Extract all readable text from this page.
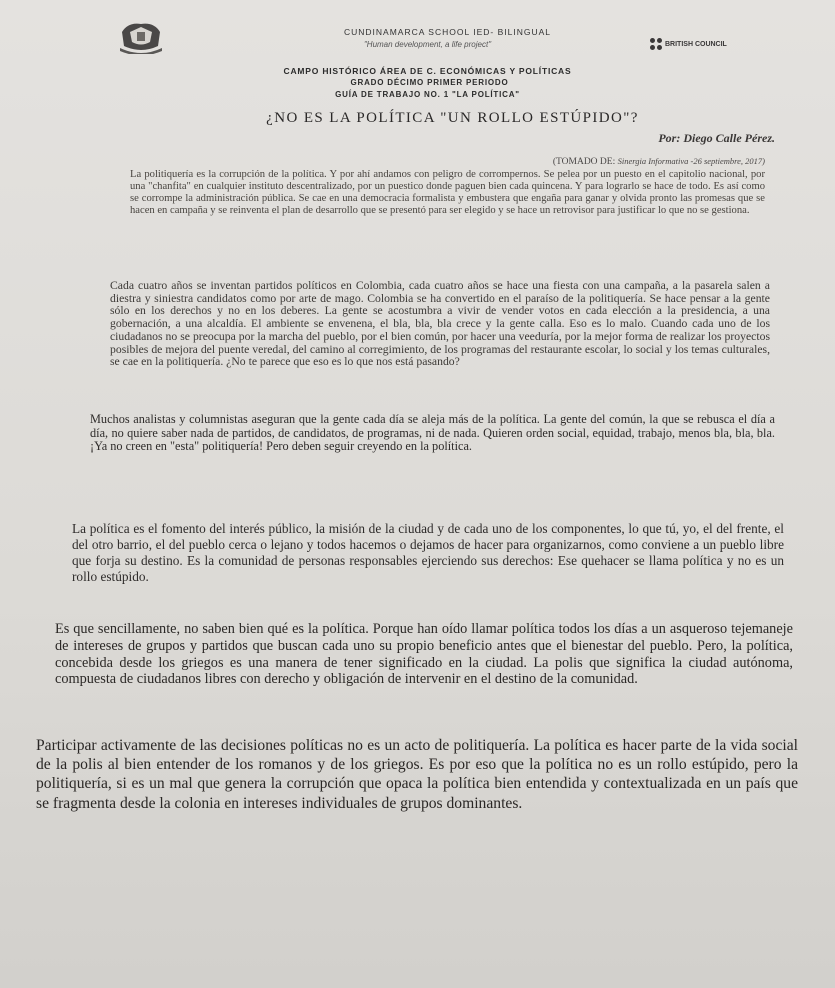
BRITISH COUNCIL
CUNDINAMARCA SCHOOL IED- BILINGUAL
"Human development, a life project"
CAMPO HISTÓRICO ÁREA DE C. ECONÓMICAS Y POLÍTICAS
GRADO DÉCIMO PRIMER PERIODO
GUÍA DE TRABAJO NO. 1 "LA POLÍTICA"
¿NO ES LA POLÍTICA "UN ROLLO ESTÚPIDO"?
Por: Diego Calle Pérez.
(TOMADO DE: Sinergia Informativa -26 septiembre, 2017)

La politiquería es la corrupción de la política. Y por ahí andamos con peligro de corrompernos. Se pelea por un puesto en el capitolio nacional, por una "chanfita" en cualquier instituto descentralizado, por un puestico donde paguen bien cada quincena. Y para lograrlo se hace de todo. Es así como se corrompe la administración pública. Se cae en una democracia formalista y embustera que engaña para ganar y olvida pronto las promesas que se hacen en campaña y se reinventa el plan de desarrollo que se presentó para ser elegido y se hace un retrovisor para justificar lo que no se gestiona.

Cada cuatro años se inventan partidos políticos en Colombia, cada cuatro años se hace una fiesta con una campaña, a la pasarela salen a diestra y siniestra candidatos como por arte de mago. Colombia se ha convertido en el paraíso de la politiquería. Se hace pensar a la gente sólo en los derechos y no en los deberes. La gente se acostumbra a vivir de vender votos en cada elección a la presidencia, a una gobernación, a una alcaldía. El ambiente se envenena, el bla, bla, bla crece y la gente calla. Eso es lo malo. Cuando cada uno de los ciudadanos no se preocupa por la marcha del pueblo, por el bien común, por hacer una veeduría, por la mejor forma de realizar los proyectos posibles de mejora del puente veredal, del camino al corregimiento, de los programas del restaurante escolar, lo social y los temas culturales, se cae en la politiquería. ¿No te parece que eso es lo que nos está pasando?

Muchos analistas y columnistas aseguran que la gente cada día se aleja más de la política. La gente del común, la que se rebusca el día a día, no quiere saber nada de partidos, de candidatos, de programas, ni de nada. Quieren orden social, equidad, trabajo, menos bla, bla, bla. ¡Ya no creen en "esta" politiquería! Pero deben seguir creyendo en la política.

La política es el fomento del interés público, la misión de la ciudad y de cada uno de los componentes, lo que tú, yo, el del frente, el del otro barrio, el del pueblo cerca o lejano y todos hacemos o dejamos de hacer para organizarnos, como conviene a un pueblo libre que forja su destino. Es la comunidad de personas responsables ejerciendo sus derechos: Ese quehacer se llama política y no es un rollo estúpido.

Es que sencillamente, no saben bien qué es la política. Porque han oído llamar política todos los días a un asqueroso tejemaneje de intereses de grupos y partidos que buscan cada uno su propio beneficio antes que el bienestar del pueblo. Pero, la política, concebida desde los griegos es una manera de tener significado en la ciudad. La polis que significa la ciudad autónoma, compuesta de ciudadanos libres con derecho y obligación de intervenir en el destino de la comunidad.

Participar activamente de las decisiones políticas no es un acto de politiquería. La política es hacer parte de la vida social de la polis al bien entender de los romanos y de los griegos. Es por eso que la política no es un rollo estúpido, pero la politiquería, si es un mal que genera la corrupción que opaca la política bien entendida y contextualizada en un país que se fragmenta desde la colonia en intereses individuales de grupos dominantes.
